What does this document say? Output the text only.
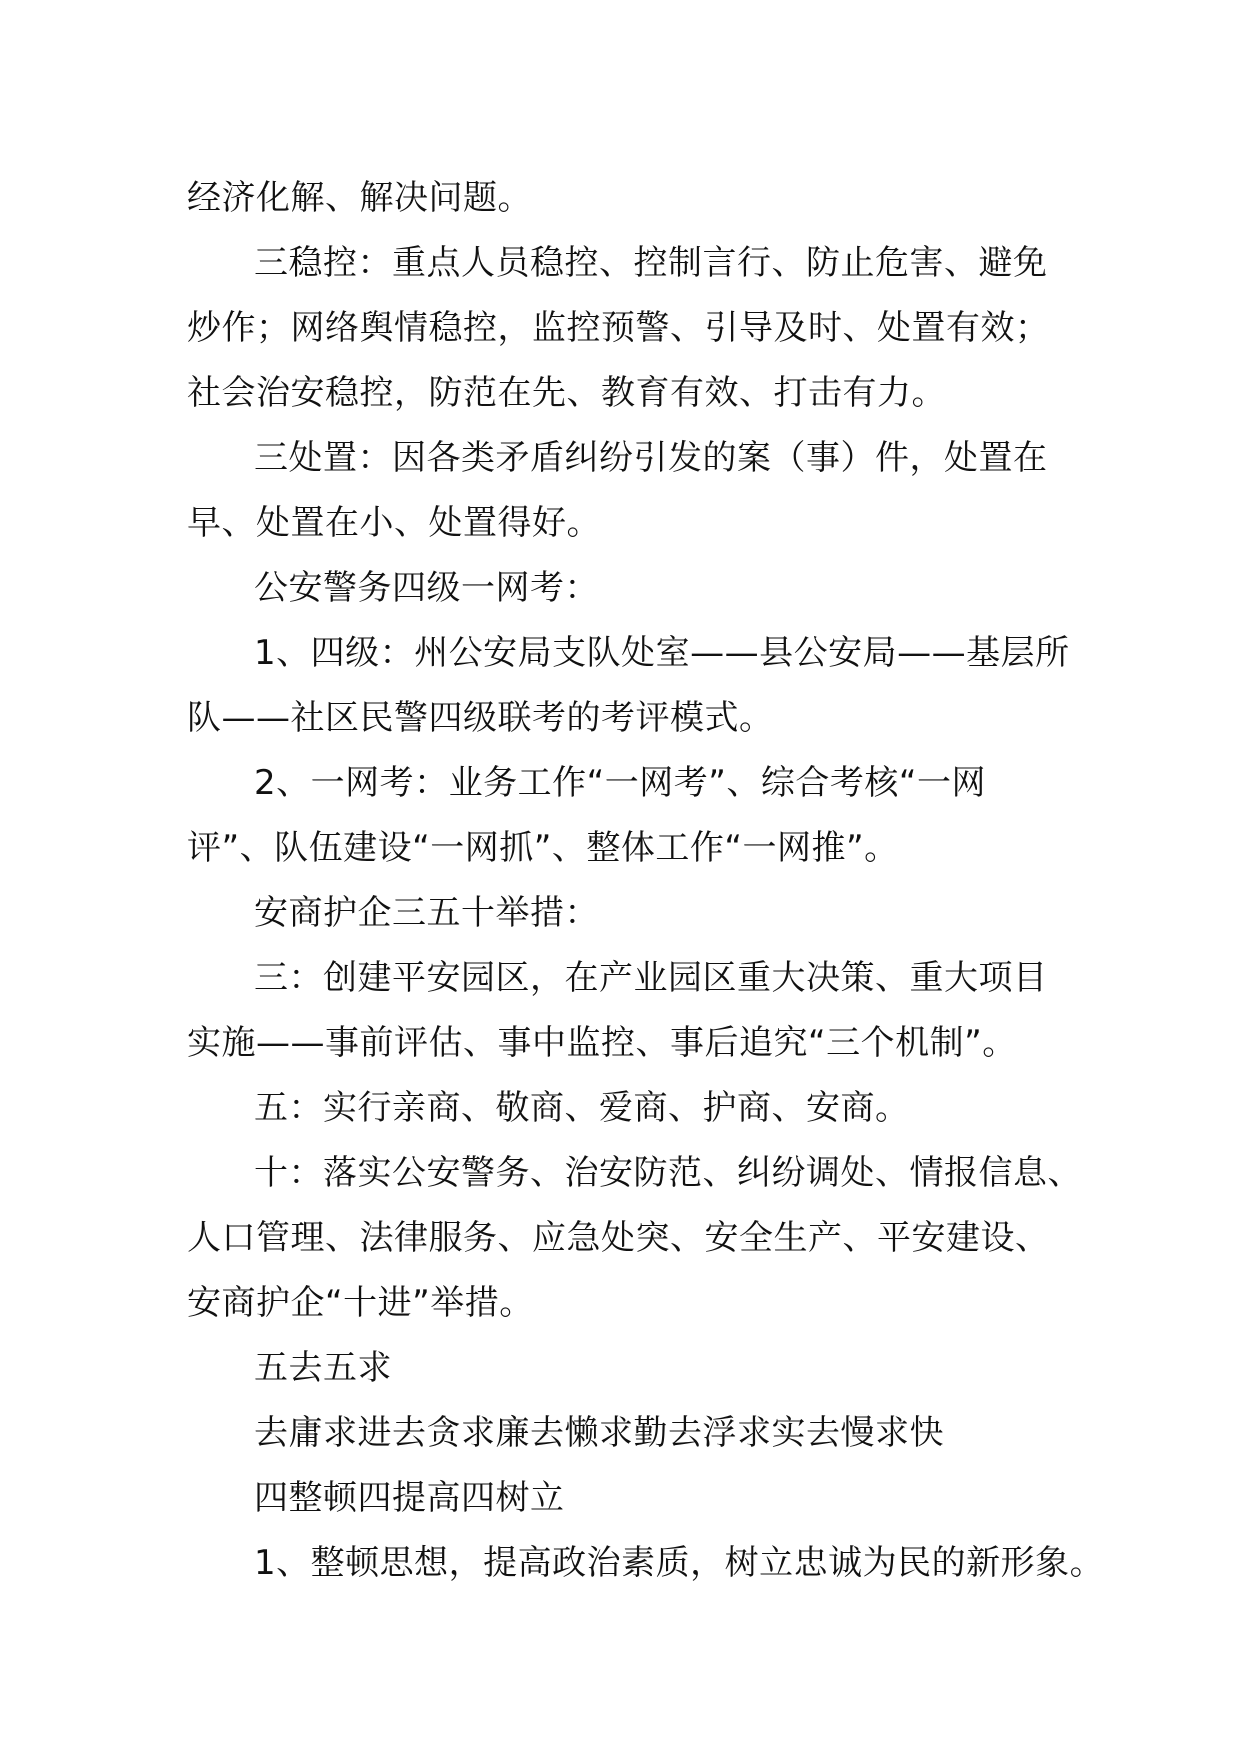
经济化解、解决问题。

三稳控：重点人员稳控、控制言行、防止危害、避免

炒作；网络舆情稳控，监控预警、引导及时、处置有效；

社会治安稳控，防范在先、教育有效、打击有力。

三处置：因各类矛盾纠纷引发的案（事）件，处置在

早、处置在小、处置得好。

公安警务四级一网考：

1、四级：州公安局支队处室——县公安局——基层所

队——社区民警四级联考的考评模式。

2、一网考：业务工作“一网考”、综合考核“一网

评”、队伍建设“一网抓”、整体工作“一网推”。

安商护企三五十举措：

三：创建平安园区，在产业园区重大决策、重大项目

实施——事前评估、事中监控、事后追究“三个机制”。

五：实行亲商、敬商、爱商、护商、安商。

十：落实公安警务、治安防范、纠纷调处、情报信息、

人口管理、法律服务、应急处突、安全生产、平安建设、

安商护企“十进”举措。

五去五求

去庸求进去贪求廉去懒求勤去浮求实去慢求快

四整顿四提高四树立

1、整顿思想，提高政治素质，树立忠诚为民的新形象。
